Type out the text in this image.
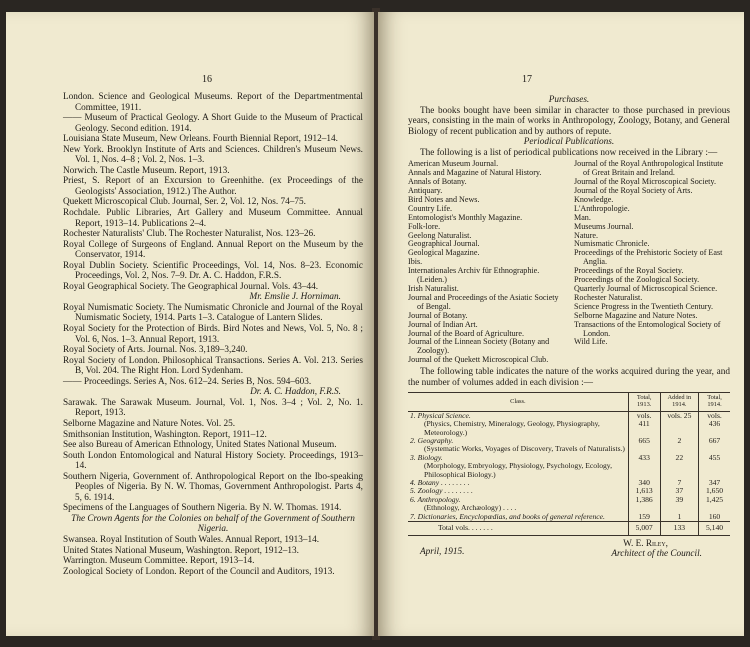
16
London. Science and Geological Museums. Report of the Departmentmental Committee, 1911.
—— Museum of Practical Geology. A Short Guide to the Museum of Practical Geology. Second edition. 1914.
Louisiana State Museum, New Orleans. Fourth Biennial Report, 1912–14.
New York. Brooklyn Institute of Arts and Sciences. Children's Museum News. Vol. 1, Nos. 4–8 ; Vol. 2, Nos. 1–3.
Norwich. The Castle Museum. Report, 1913.
Priest, S. Report of an Excursion to Greenhithe. (ex Proceedings of the Geologists' Association, 1912.) The Author.
Quekett Microscopical Club. Journal, Ser. 2, Vol. 12, Nos. 74–75.
Rochdale. Public Libraries, Art Gallery and Museum Committee. Annual Report, 1913–14. Publications 2–4.
Rochester Naturalists' Club. The Rochester Naturalist, Nos. 123–26.
Royal College of Surgeons of England. Annual Report on the Museum by the Conservator, 1914.
Royal Dublin Society. Scientific Proceedings, Vol. 14, Nos. 8–23. Economic Proceedings, Vol. 2, Nos. 7–9. Dr. A. C. Haddon, F.R.S.
Royal Geographical Society. The Geographical Journal. Vols. 43–44.
Mr. Emslie J. Horniman.
Royal Numismatic Society. The Numismatic Chronicle and Journal of the Royal Numismatic Society, 1914. Parts 1–3. Catalogue of Lantern Slides.
Royal Society for the Protection of Birds. Bird Notes and News, Vol. 5, No. 8 ; Vol. 6, Nos. 1–3. Annual Report, 1913.
Royal Society of Arts. Journal. Nos. 3,189–3,240.
Royal Society of London. Philosophical Transactions. Series A. Vol. 213. Series B, Vol. 204. The Right Hon. Lord Sydenham.
—— Proceedings. Series A, Nos. 612–24. Series B, Nos. 594–603.
Dr. A. C. Haddon, F.R.S.
Sarawak. The Sarawak Museum. Journal, Vol. 1, Nos. 3–4 ; Vol. 2, No. 1. Report, 1913.
Selborne Magazine and Nature Notes. Vol. 25.
Smithsonian Institution, Washington. Report, 1911–12.
See also Bureau of American Ethnology, United States National Museum.
South London Entomological and Natural History Society. Proceedings, 1913–14.
Southern Nigeria, Government of. Anthropological Report on the Ibo-speaking Peoples of Nigeria. By N. W. Thomas, Government Anthropologist. Parts 4, 5, 6. 1914.
Specimens of the Languages of Southern Nigeria. By N. W. Thomas. 1914.
The Crown Agents for the Colonies on behalf of the Government of Southern Nigeria.
Swansea. Royal Institution of South Wales. Annual Report, 1913–14.
United States National Museum, Washington. Report, 1912–13.
Warrington. Museum Committee. Report, 1913–14.
Zoological Society of London. Report of the Council and Auditors, 1913.
17
Purchases.
The books bought have been similar in character to those purchased in previous years, consisting in the main of works in Anthropology, Zoology, Botany, and General Biology of recent publication and by authors of repute.
Periodical Publications.
The following is a list of periodical publications now received in the Library :—
American Museum Journal.
Annals and Magazine of Natural History.
Annals of Botany.
Antiquary.
Bird Notes and News.
Country Life.
Entomologist's Monthly Magazine.
Folk-lore.
Geelong Naturalist.
Geographical Journal.
Geological Magazine.
Ibis.
Internationales Archiv für Ethnographie. (Leiden.)
Irish Naturalist.
Journal and Proceedings of the Asiatic Society of Bengal.
Journal of Botany.
Journal of Indian Art.
Journal of the Board of Agriculture.
Journal of the Linnean Society (Botany and Zoology).
Journal of the Quekett Microscopical Club.
Journal of the Royal Anthropological Institute of Great Britain and Ireland.
Journal of the Royal Microscopical Society.
Journal of the Royal Society of Arts.
Knowledge.
L'Anthropologie.
Man.
Museums Journal.
Nature.
Numismatic Chronicle.
Proceedings of the Prehistoric Society of East Anglia.
Proceedings of the Royal Society.
Proceedings of the Zoological Society.
Quarterly Journal of Microscopical Science.
Rochester Naturalist.
Science Progress in the Twentieth Century.
Selborne Magazine and Nature Notes.
Transactions of the Entomological Society of London.
Wild Life.
The following table indicates the nature of the works acquired during the year, and the number of volumes added in each division :—
Class.	Total, 1913.	Added in 1914.	Total, 1914.

1. Physical Science.
(Physics, Chemistry, Mineralogy, Geology, Physiography, Meteorology.)	vols. 411	vols. 25	vols. 436

2. Geography.
(Systematic Works, Voyages of Discovery, Travels of Naturalists.)	665	2	667

3. Biology.
(Morphology, Embryology, Physiology, Psychology, Ecology, Philosophical Biology.)	433	22	455

4. Botany . . . . . . . .	340	7	347

5. Zoology . . . . . . . .	1,613	37	1,650

6. Anthropology.
(Ethnology, Archæology) . . . .	1,386	39	1,425

7. Dictionaries, Encyclopædias, and books of general reference.	159	1	160
Total vols. . . . . . .	5,007	133	5,140
April, 1915.
W. E. Riley,
Architect of the Council.
